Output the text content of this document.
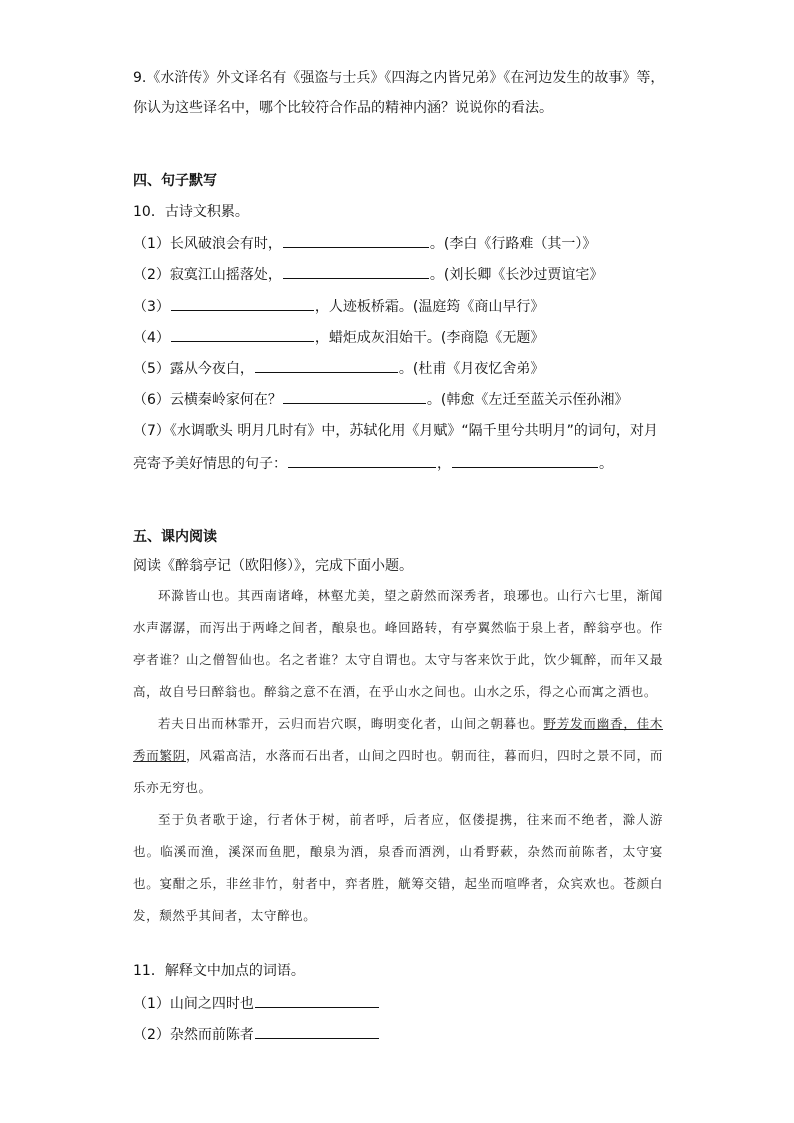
9.《水浒传》外文译名有《强盗与士兵》《四海之内皆兄弟》《在河边发生的故事》等，
你认为这些译名中，哪个比较符合作品的精神内涵？说说你的看法。
四、句子默写
10．古诗文积累。
（1）长风破浪会有时，	。(李白《行路难（其一）》
（2）寂寞江山摇落处，	。(刘长卿《长沙过贾谊宅》
（3）	，人迹板桥霜。(温庭筠《商山早行》
（4）	，蜡炬成灰泪始干。(李商隐《无题》
（5）露从今夜白，	。(杜甫《月夜忆舍弟》
（6）云横秦岭家何在？	。(韩愈《左迁至蓝关示侄孙湘》
（7）《水调歌头 明月几时有》中，苏轼化用《月赋》“隔千里兮共明月”的词句，对月
亮寄予美好情思的句子：	，	。
五、课内阅读
阅读《醉翁亭记（欧阳修）》，完成下面小题。

环滁皆山也。其西南诸峰，林壑尤美，望之蔚然而深秀者，琅琊也。山行六七里，渐闻水声潺潺，而泻出于两峰之间者，酿泉也。峰回路转，有亭翼然临于泉上者，醉翁亭也。作亭者谁？山之僧智仙也。名之者谁？太守自谓也。太守与客来饮于此，饮少辄醉，而年又最高，故自号曰醉翁也。醉翁之意不在酒，在乎山水之间也。山水之乐，得之心而寓之酒也。

若夫日出而林霏开，云归而岩穴暝，晦明变化者，山间之朝暮也。野芳发而幽香，佳木秀而繁阴，风霜高洁，水落而石出者，山间之四时也。朝而往，暮而归，四时之景不同，而乐亦无穷也。

至于负者歌于途，行者休于树，前者呼，后者应，伛偻提携，往来而不绝者，滁人游也。临溪而渔，溪深而鱼肥，酿泉为酒，泉香而酒洌，山肴野蔌，杂然而前陈者，太守宴也。宴酣之乐，非丝非竹，射者中，弈者胜，觥筹交错，起坐而喧哗者，众宾欢也。苍颜白发，颓然乎其间者，太守醉也。

11．解释文中加点的词语。
（1）山间之四时也
（2）杂然而前陈者
